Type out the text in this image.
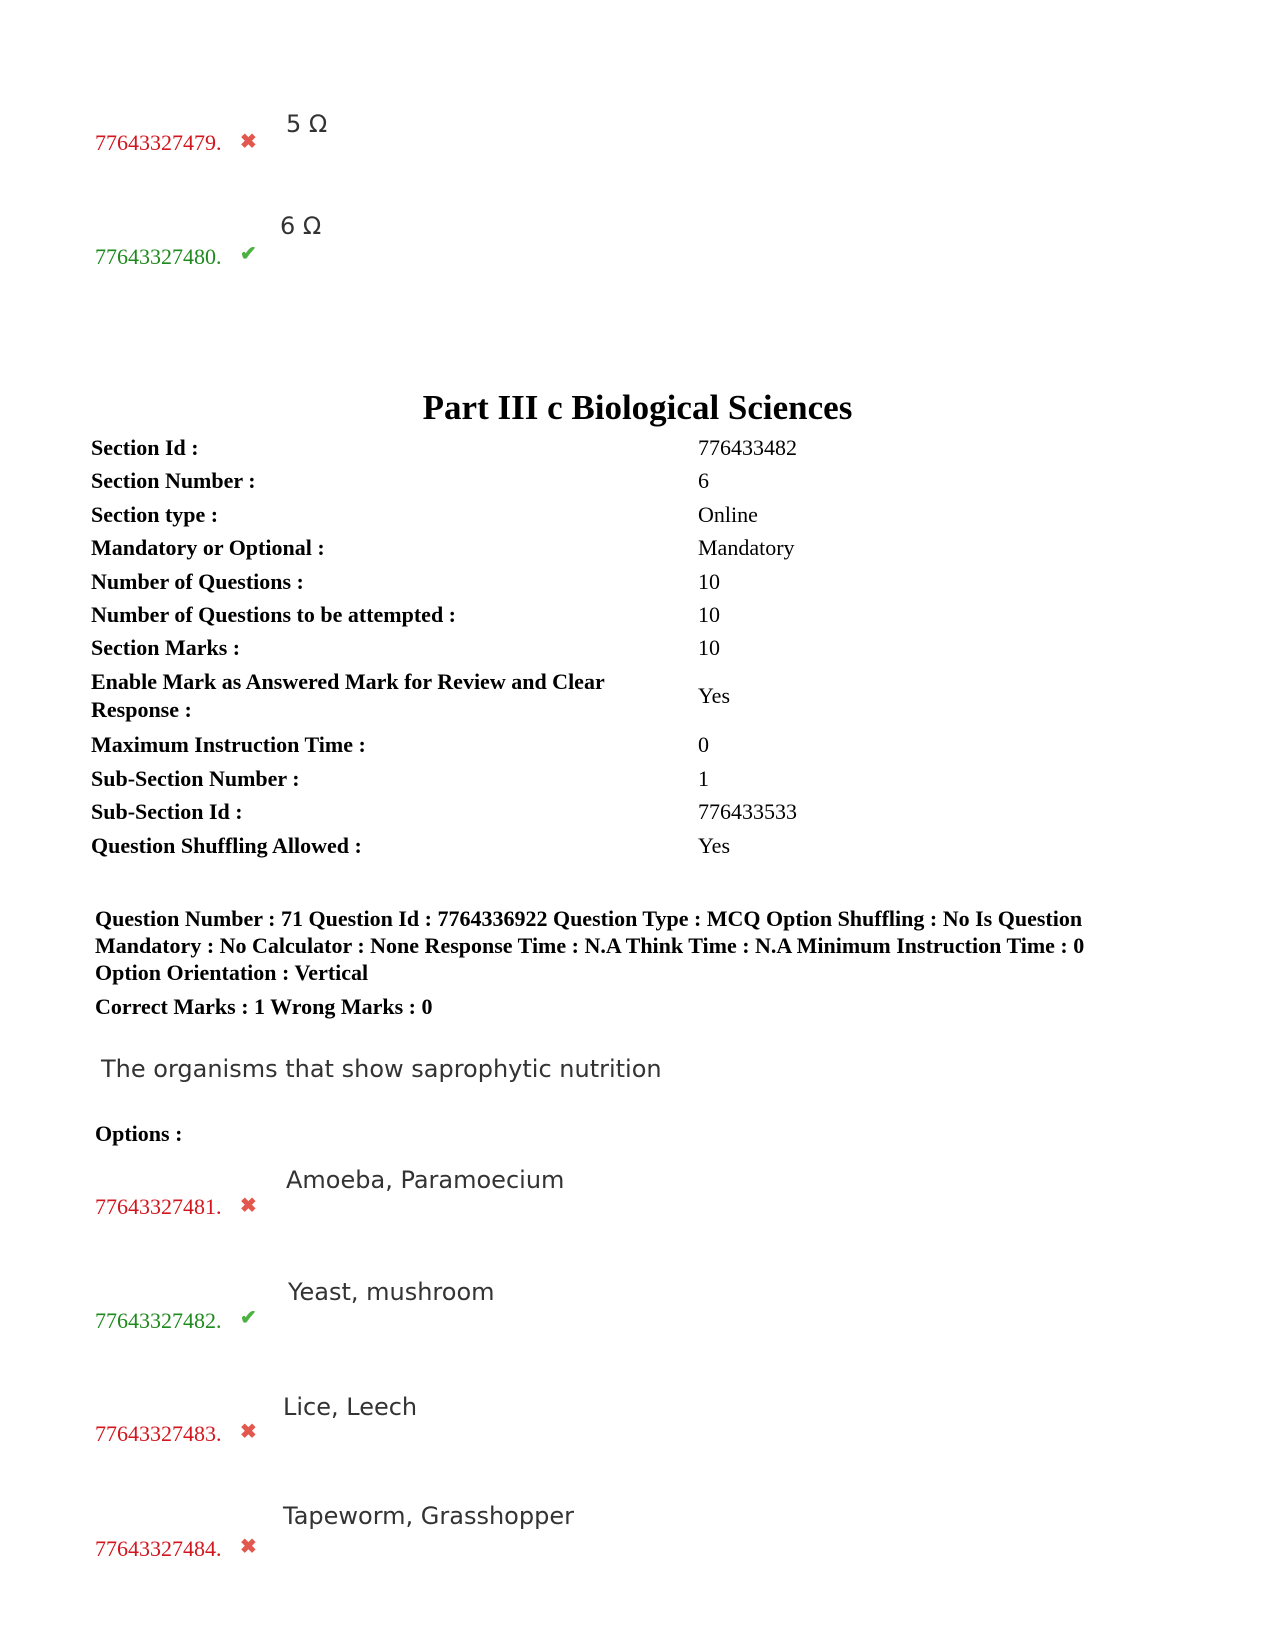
5 Ω
77643327479. ✖
6 Ω
77643327480. ✔
Part III c Biological Sciences
Section Id :	776433482
Section Number :	6
Section type :	Online
Mandatory or Optional :	Mandatory
Number of Questions :	10
Number of Questions to be attempted :	10
Section Marks :	10
Enable Mark as Answered Mark for Review and Clear Response :
Yes
Maximum Instruction Time :	0
Sub-Section Number :	1
Sub-Section Id :	776433533
Question Shuffling Allowed :	Yes
Question Number : 71 Question Id : 7764336922 Question Type : MCQ Option Shuffling : No Is Question Mandatory : No Calculator : None Response Time : N.A Think Time : N.A Minimum Instruction Time : 0 Option Orientation : Vertical
Correct Marks : 1 Wrong Marks : 0
The organisms that show saprophytic nutrition
Options :
Amoeba, Paramoecium
77643327481. ✖
Yeast, mushroom
77643327482. ✔
Lice, Leech
77643327483. ✖
Tapeworm, Grasshopper
77643327484. ✖
